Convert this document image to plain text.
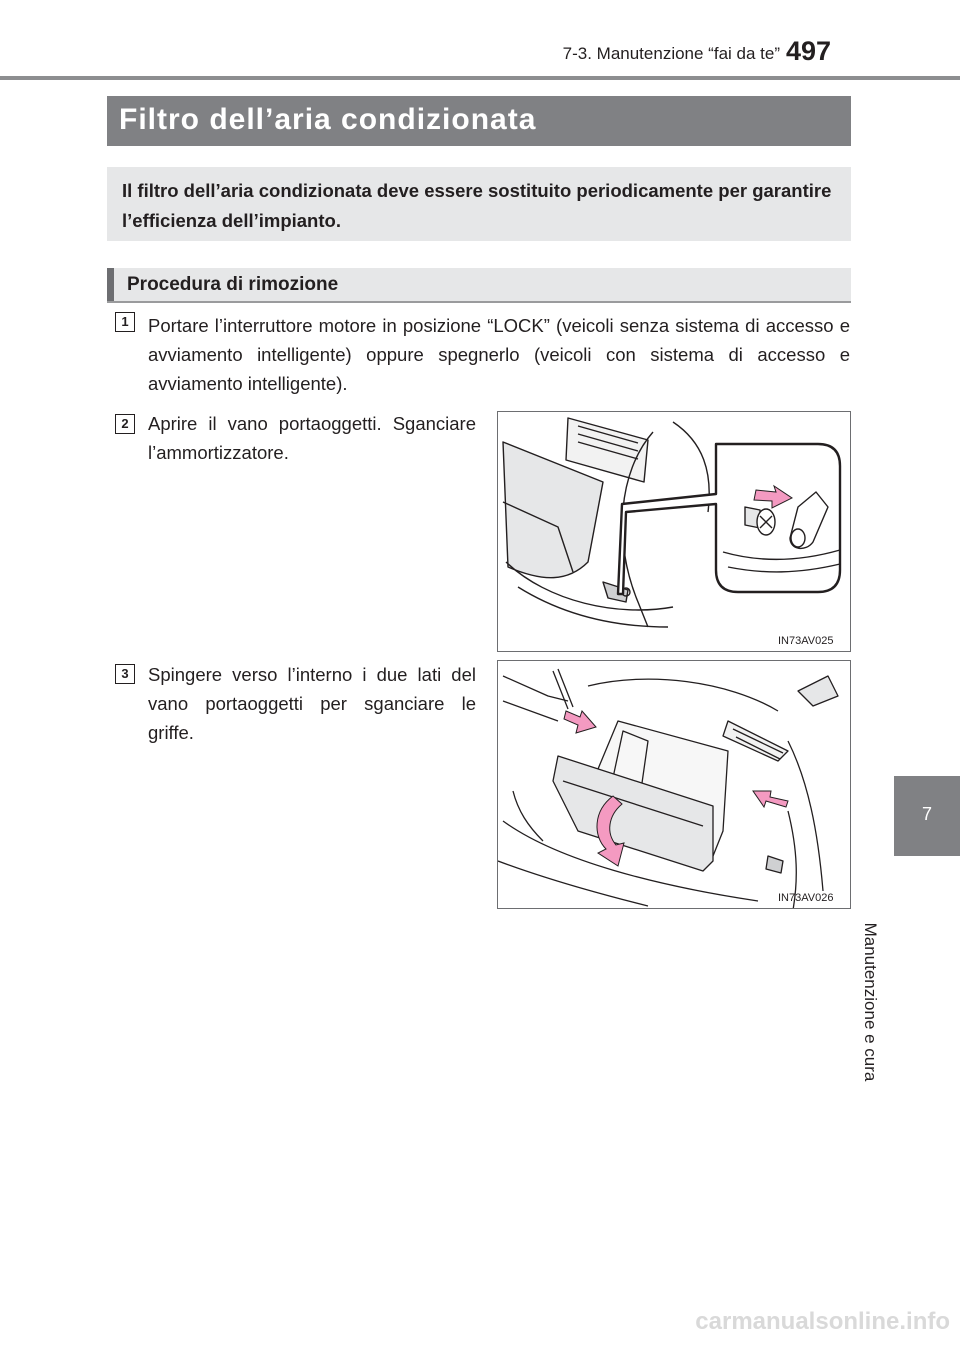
7-3. Manutenzione “fai da te” 497
Filtro dell’aria condizionata

Il filtro dell’aria condizionata deve essere sostituito periodicamente per garantire l’efficienza dell’impianto.

Procedura di rimozione
1	Portare l’interruttore motore in posizione “LOCK” (veicoli senza sistema di accesso e avviamento intelligente) oppure spegnerlo (veicoli con sistema di accesso e avviamento intelligente).

2	Aprire il vano portaoggetti. Sganciare l’ammortizzatore.

IN73AV025
3	Spingere verso l’interno i due lati del vano portaoggetti per sganciare le griffe.

IN73AV026
7
Manutenzione e cura
carmanualsonline.info
